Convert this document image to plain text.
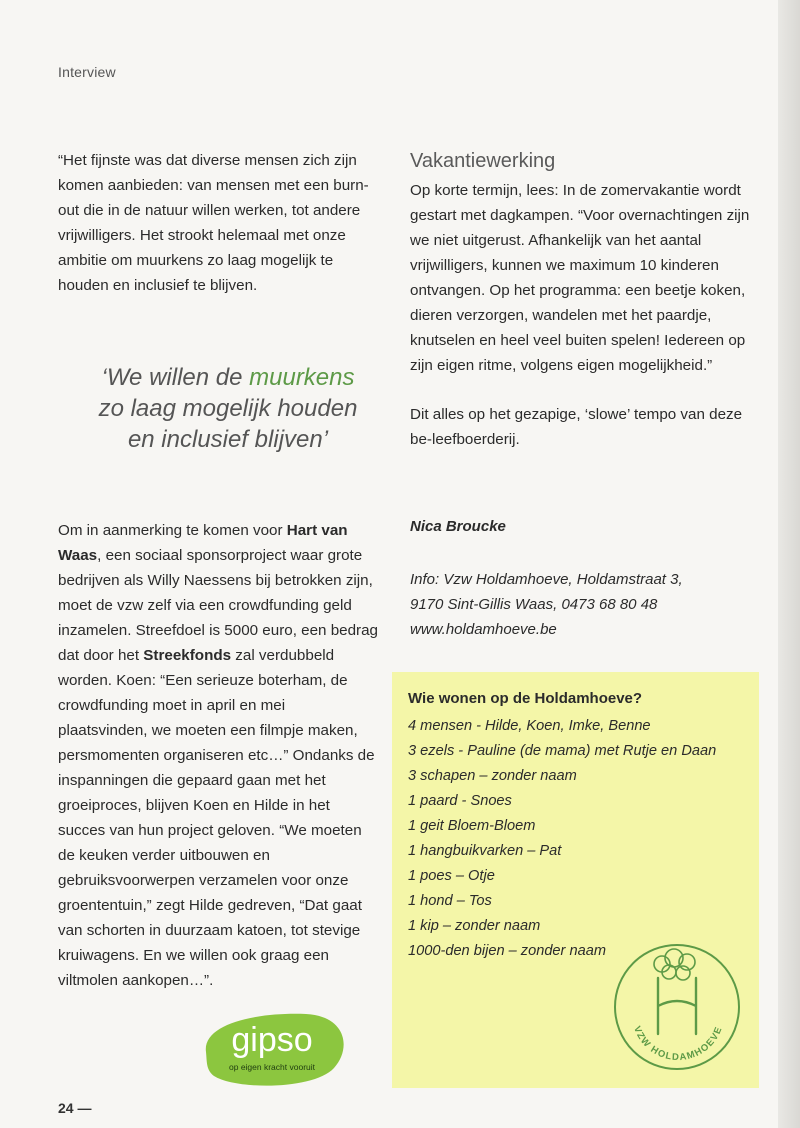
Interview

“Het fijnste was dat diverse mensen zich zijn komen aanbieden: van mensen met een burn-out die in de natuur willen werken, tot andere vrijwilligers. Het strookt helemaal met onze ambitie om muurkens zo laag mogelijk te houden en inclusief te blijven.

‘We willen de muurkens
zo laag mogelijk houden
en inclusief blijven’

Om in aanmerking te komen voor Hart van Waas, een sociaal sponsorproject waar grote bedrijven als Willy Naessens bij betrokken zijn, moet de vzw zelf via een crowdfunding geld inzamelen. Streefdoel is 5000 euro, een bedrag dat door het Streekfonds zal verdubbeld worden. Koen: “Een serieuze boterham, de crowdfunding moet in april en mei plaatsvinden, we moeten een filmpje maken, persmomenten organiseren etc…” Ondanks de inspanningen die gepaard gaan met het groeiproces, blijven Koen en Hilde in het succes van hun project geloven. “We moeten de keuken verder uitbouwen en gebruiksvoorwerpen verzamelen voor onze groententuin,” zegt Hilde gedreven, “Dat gaat van schorten in duurzaam katoen, tot stevige kruiwagens. En we willen ook graag een viltmolen aankopen…”.

Vakantiewerking

Op korte termijn, lees: In de zomervakantie wordt gestart met dagkampen. “Voor overnachtingen zijn we niet uitgerust. Afhankelijk van het aantal vrijwilligers, kunnen we maximum 10 kinderen ontvangen. Op het programma: een beetje koken, dieren verzorgen, wandelen met het paardje, knutselen en heel veel buiten spelen! Iedereen op zijn eigen ritme, volgens eigen mogelijkheid.”

Dit alles op het gezapige, ‘slowe’ tempo van deze be-leefboerderij.

Nica Broucke

Info: Vzw Holdamhoeve, Holdamstraat 3,

9170 Sint-Gillis Waas, 0473 68 80 48

www.holdamhoeve.be

Wie wonen op de Holdamhoeve?
4 mensen - Hilde, Koen, Imke, Benne
3 ezels - Pauline (de mama) met Rutje en Daan
3 schapen – zonder naam
1 paard - Snoes
1 geit Bloem-Bloem
1 hangbuikvarken – Pat
1 poes – Otje
1 hond – Tos
1 kip – zonder naam
1000-den bijen – zonder naam
VZW HOLDAMHOEVE
gipso
op eigen kracht vooruit
24 —
